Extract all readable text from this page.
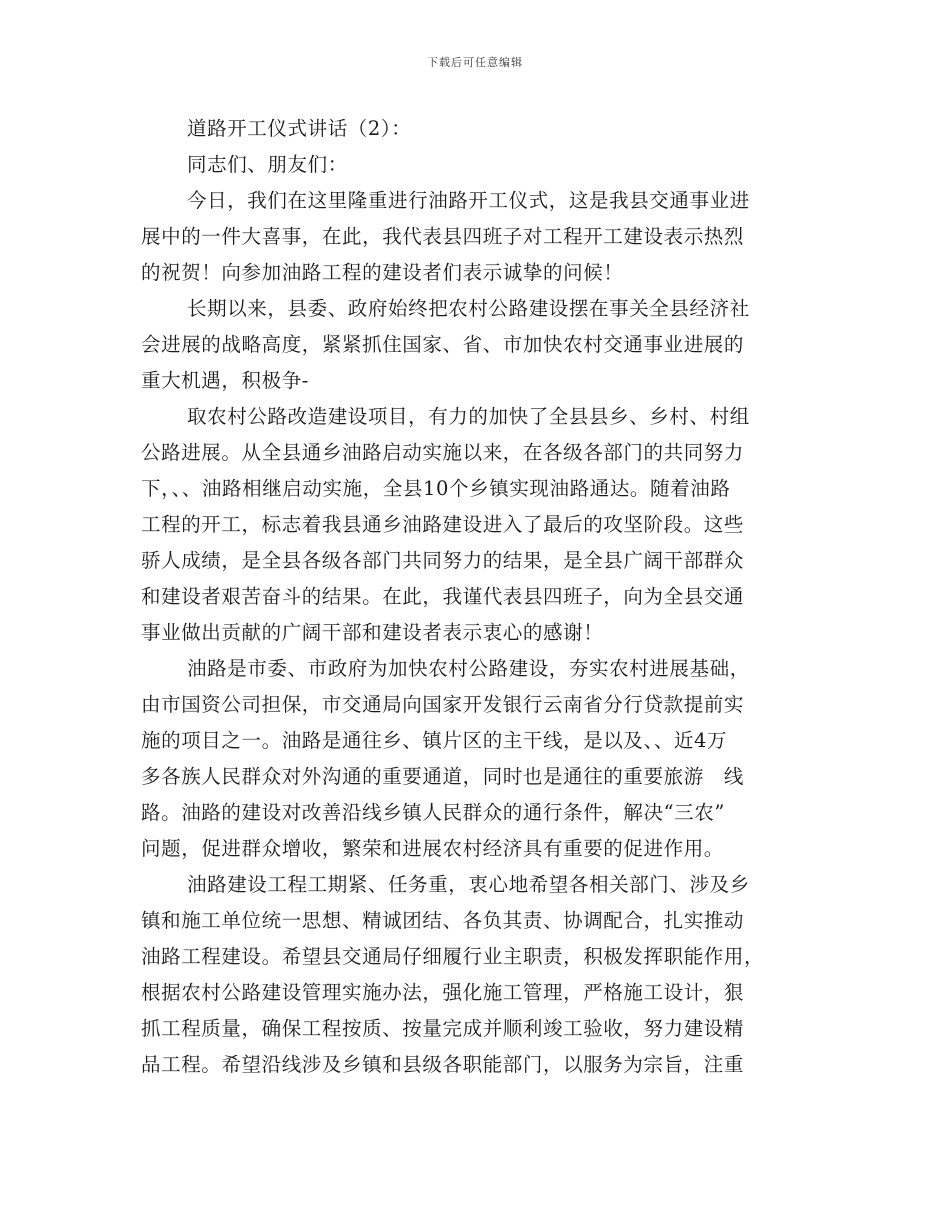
下载后可任意编辑
道路开工仪式讲话（2）：
同志们、朋友们：
今日，我们在这里隆重进行油路开工仪式，这是我县交通事业进
展中的一件大喜事，在此，我代表县四班子对工程开工建设表示热烈
的祝贺！向参加油路工程的建设者们表示诚挚的问候！
长期以来，县委、政府始终把农村公路建设摆在事关全县经济社
会进展的战略高度，紧紧抓住国家、省、市加快农村交通事业进展的
重大机遇，积极争-
取农村公路改造建设项目，有力的加快了全县县乡、乡村、村组
公路进展。从全县通乡油路启动实施以来，在各级各部门的共同努力
下，、、油路相继启动实施，全县10个乡镇实现油路通达。随着油路
工程的开工，标志着我县通乡油路建设进入了最后的攻坚阶段。这些
骄人成绩，是全县各级各部门共同努力的结果，是全县广阔干部群众
和建设者艰苦奋斗的结果。在此，我谨代表县四班子，向为全县交通
事业做出贡献的广阔干部和建设者表示衷心的感谢！
油路是市委、市政府为加快农村公路建设，夯实农村进展基础，
由市国资公司担保，市交通局向国家开发银行云南省分行贷款提前实
施的项目之一。油路是通往乡、镇片区的主干线，是以及、、近4万
多各族人民群众对外沟通的重要通道，同时也是通往的重要旅游　线
路。油路的建设对改善沿线乡镇人民群众的通行条件，解决“三农”
问题，促进群众增收，繁荣和进展农村经济具有重要的促进作用。
油路建设工程工期紧、任务重，衷心地希望各相关部门、涉及乡
镇和施工单位统一思想、精诚团结、各负其责、协调配合，扎实推动
油路工程建设。希望县交通局仔细履行业主职责，积极发挥职能作用，
根据农村公路建设管理实施办法，强化施工管理，严格施工设计，狠
抓工程质量，确保工程按质、按量完成并顺利竣工验收，努力建设精
品工程。希望沿线涉及乡镇和县级各职能部门，以服务为宗旨，注重
